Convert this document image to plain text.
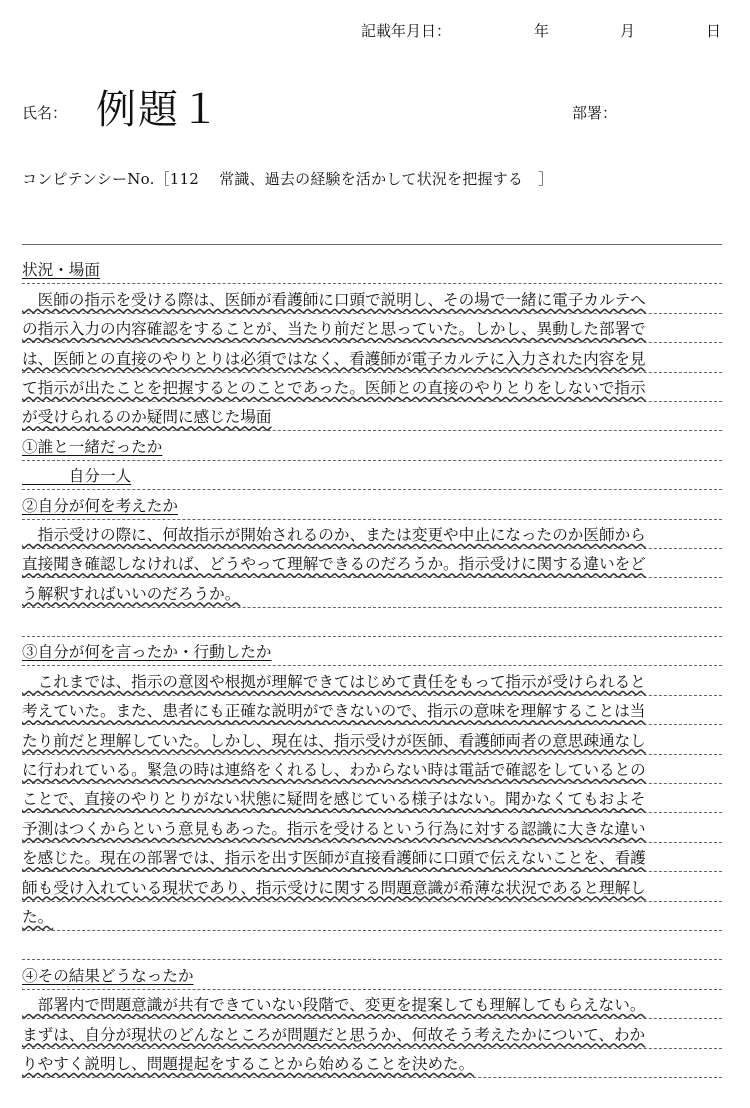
記載年月日：	年	月	日
氏名： 例題１	部署：
コンピテンシーNo.［112　 常識、過去の経験を活かして状況を把握する　］
状況・場面
　医師の指示を受ける際は、医師が看護師に口頭で説明し、その場で一緒に電子カルテへ
の指示入力の内容確認をすることが、当たり前だと思っていた。しかし、異動した部署で
は、医師との直接のやりとりは必須ではなく、看護師が電子カルテに入力された内容を見
て指示が出たことを把握するとのことであった。医師との直接のやりとりをしないで指示
が受けられるのか疑問に感じた場面
①誰と一緒だったか
　　　自分一人
②自分が何を考えたか
　指示受けの際に、何故指示が開始されるのか、または変更や中止になったのか医師から
直接聞き確認しなければ、どうやって理解できるのだろうか。指示受けに関する違いをど
う解釈すればいいのだろうか。
③自分が何を言ったか・行動したか
　これまでは、指示の意図や根拠が理解できてはじめて責任をもって指示が受けられると
考えていた。また、患者にも正確な説明ができないので、指示の意味を理解することは当
たり前だと理解していた。しかし、現在は、指示受けが医師、看護師両者の意思疎通なし
に行われている。緊急の時は連絡をくれるし、わからない時は電話で確認をしているとの
ことで、直接のやりとりがない状態に疑問を感じている様子はない。聞かなくてもおよそ
予測はつくからという意見もあった。指示を受けるという行為に対する認識に大きな違い
を感じた。現在の部署では、指示を出す医師が直接看護師に口頭で伝えないことを、看護
師も受け入れている現状であり、指示受けに関する問題意識が希薄な状況であると理解し
た。
④その結果どうなったか
　部署内で問題意識が共有できていない段階で、変更を提案しても理解してもらえない。
まずは、自分が現状のどんなところが問題だと思うか、何故そう考えたかについて、わか
りやすく説明し、問題提起をすることから始めることを決めた。
